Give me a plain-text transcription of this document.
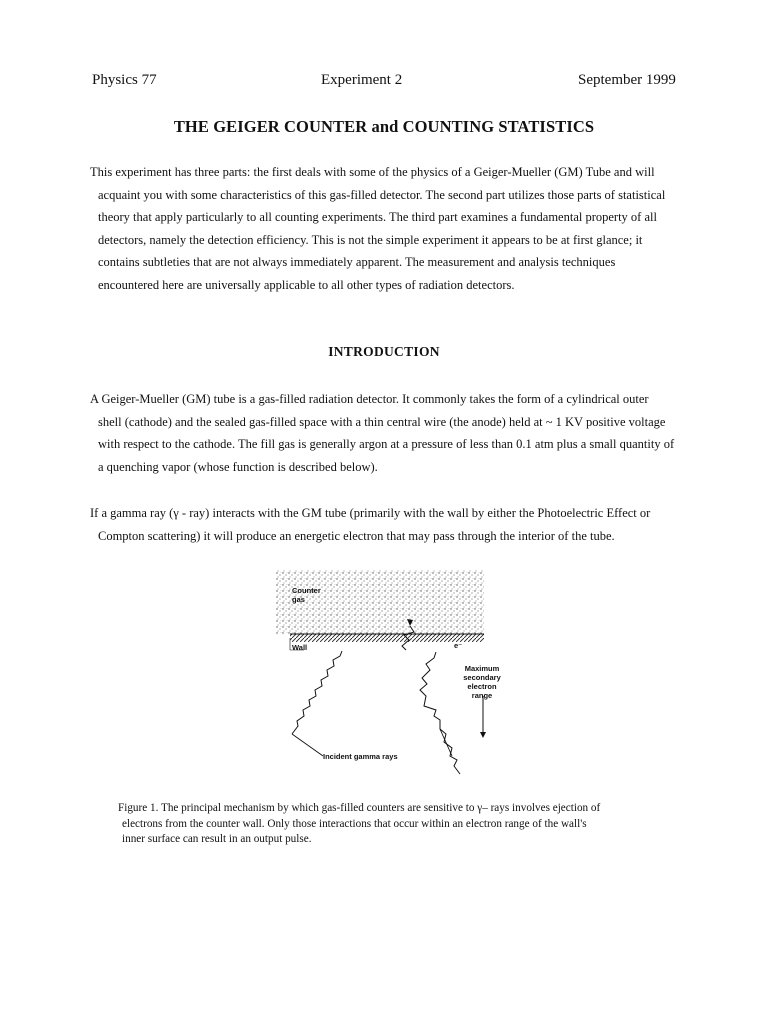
Physics 77	Experiment 2	September 1999
THE GEIGER COUNTER and COUNTING STATISTICS
This experiment has three parts: the first deals with some of the physics of a Geiger-Mueller (GM) Tube and will
acquaint you with some characteristics of this gas-filled detector. The second part utilizes those parts of statistical
theory that apply particularly to all counting experiments. The third part examines a fundamental property of all
detectors, namely the detection efficiency. This is not the simple experiment it appears to be at first glance; it
contains subtleties that are not always immediately apparent. The measurement and analysis techniques
encountered here are universally applicable to all other types of radiation detectors.
INTRODUCTION
A Geiger-Mueller (GM) tube is a gas-filled radiation detector. It commonly takes the form of a cylindrical outer
shell (cathode) and the sealed gas-filled space with a thin central wire (the anode) held at ~ 1 KV positive voltage
with respect to the cathode. The fill gas is generally argon at a pressure of less than 0.1 atm plus a small quantity of
a quenching vapor (whose function is described below).
If a gamma ray (γ - ray) interacts with the GM tube (primarily with the wall by either the Photoelectric Effect or
Compton scattering) it will produce an energetic electron that may pass through the interior of the tube.
Counter
gas
Wall	e⁻
Maximum
secondary
electron
range
Incident gamma rays
Figure 1. The principal mechanism by which gas-filled counters are sensitive to γ– rays involves ejection of
electrons from the counter wall. Only those interactions that occur within an electron range of the wall's
inner surface can result in an output pulse.
